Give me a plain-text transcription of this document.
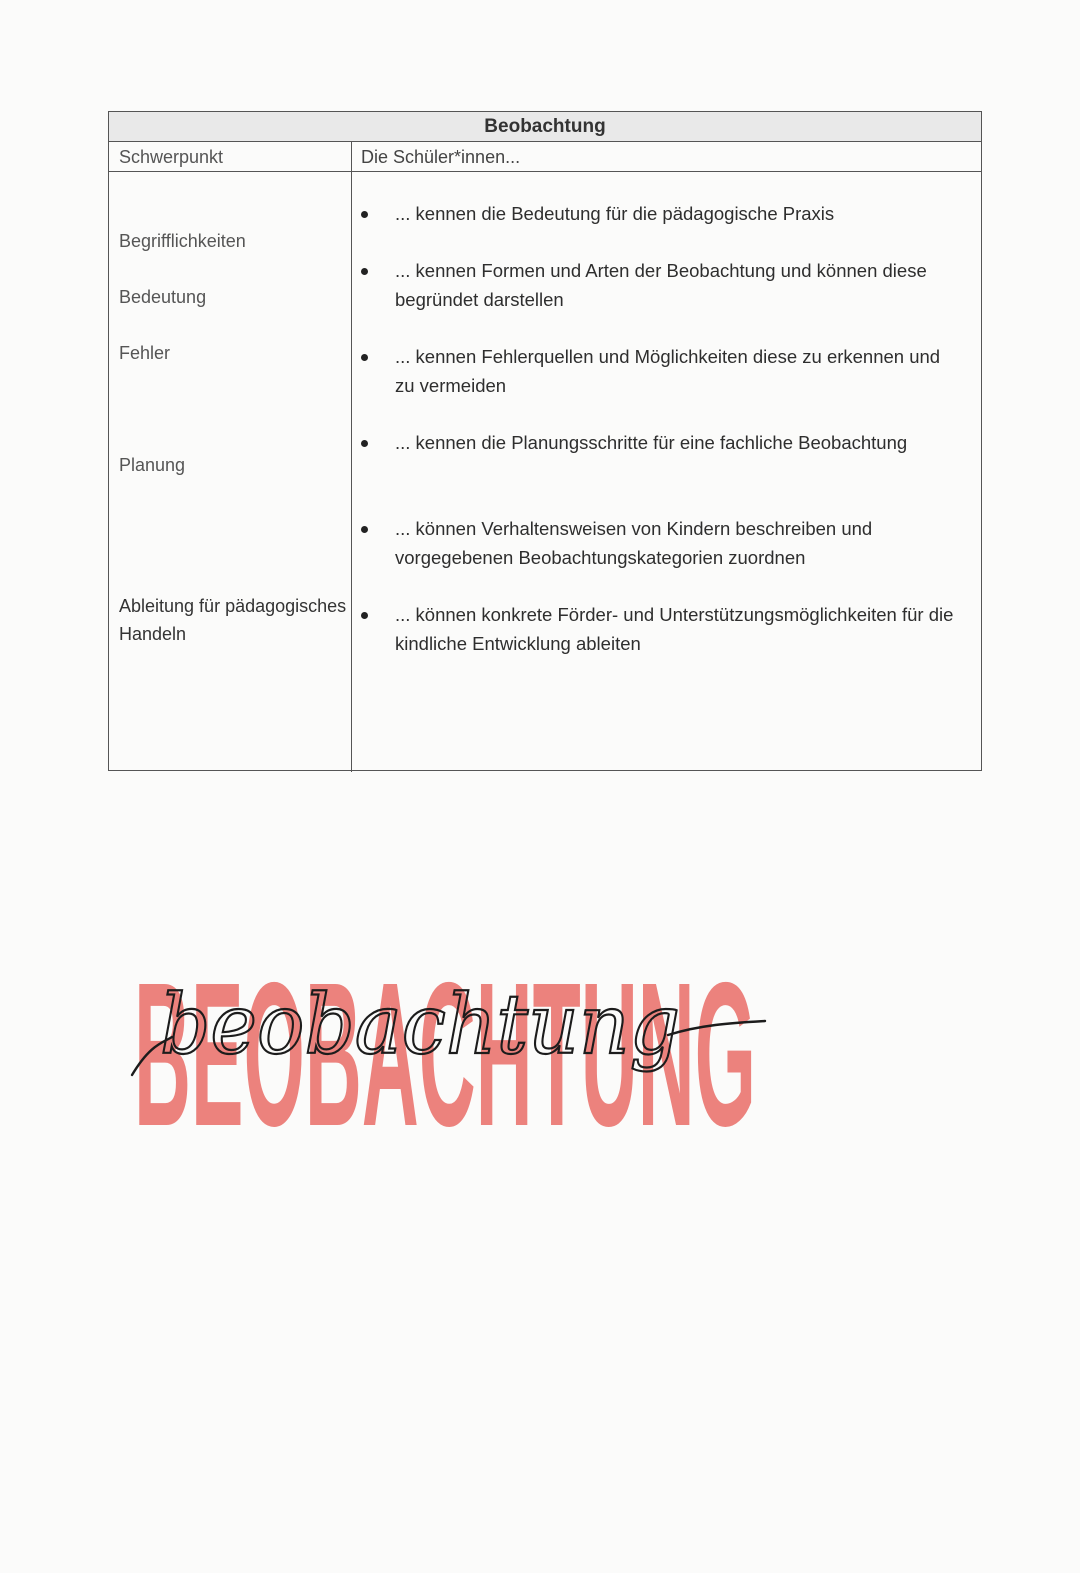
Beobachtung
Schwerpunkt	Die Schüler*innen...
Begrifflichkeiten
Bedeutung
Fehler
Planung
Ableitung für pädagogisches Handeln
... kennen die Bedeutung für die pädagogische Praxis
... kennen Formen und Arten der Beobachtung und können diese begründet darstellen
... kennen Fehlerquellen und Möglichkeiten diese zu erkennen und zu vermeiden
... kennen die Planungsschritte für eine fachliche Beobachtung
... können Verhaltensweisen von Kindern beschreiben und vorgegebenen Beobachtungskategorien zuordnen
... können konkrete Förder- und Unterstützungsmöglichkeiten für die kindliche Entwicklung ableiten
BEOBACHTUNG
beobachtung
